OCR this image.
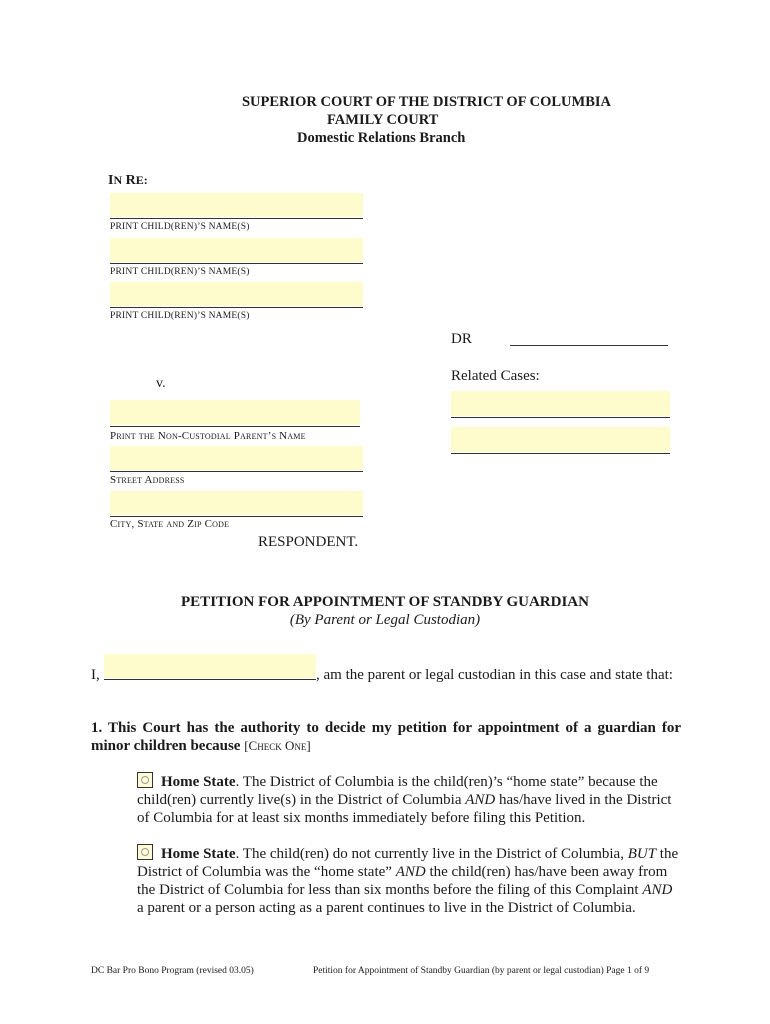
SUPERIOR COURT OF THE DISTRICT OF COLUMBIA
FAMILY COURT
Domestic Relations Branch
IN RE:
PRINT CHILD(REN)’S NAME(S)
PRINT CHILD(REN)’S NAME(S)
PRINT CHILD(REN)’S NAME(S)
DR
Related Cases:
v.
Print the Non-Custodial Parent’s Name
Street Address
City, State and Zip Code
RESPONDENT.
PETITION FOR APPOINTMENT OF STANDBY GUARDIAN
(By Parent or Legal Custodian)
I,	, am the parent or legal custodian in this case and state that:
1. This Court has the authority to decide my petition for appointment of a guardian for minor children because [Check One]
Home State. The District of Columbia is the child(ren)’s “home state” because the
child(ren) currently live(s) in the District of Columbia AND has/have lived in the District
of Columbia for at least six months immediately before filing this Petition.
Home State. The child(ren) do not currently live in the District of Columbia, BUT the
District of Columbia was the “home state” AND the child(ren) has/have been away from
the District of Columbia for less than six months before the filing of this Complaint AND
a parent or a person acting as a parent continues to live in the District of Columbia.
DC Bar Pro Bono Program (revised 03.05)	Petition for Appointment of Standby Guardian (by parent or legal custodian) Page 1 of 9
